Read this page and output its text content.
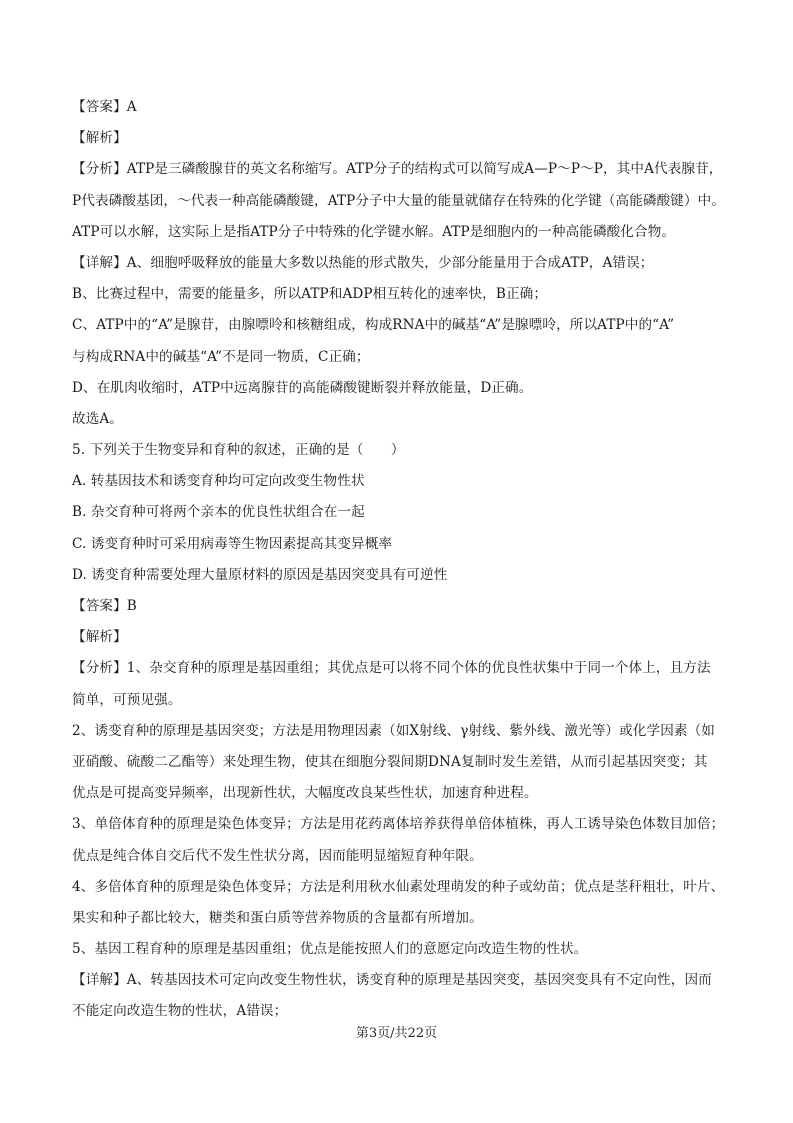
【答案】A
【解析】
【分析】ATP是三磷酸腺苷的英文名称缩写。ATP分子的结构式可以简写成A—P～P～P，其中A代表腺苷，
P代表磷酸基团，～代表一种高能磷酸键，ATP分子中大量的能量就储存在特殊的化学键（高能磷酸键）中。
ATP可以水解，这实际上是指ATP分子中特殊的化学键水解。ATP是细胞内的一种高能磷酸化合物。
【详解】A、细胞呼吸释放的能量大多数以热能的形式散失，少部分能量用于合成ATP，A错误；
B、比赛过程中，需要的能量多，所以ATP和ADP相互转化的速率快，B正确；
C、ATP中的“A”是腺苷，由腺嘌呤和核糖组成，构成RNA中的碱基“A”是腺嘌呤，所以ATP中的“A”
与构成RNA中的碱基“A”不是同一物质，C正确；
D、在肌肉收缩时，ATP中远离腺苷的高能磷酸键断裂并释放能量，D正确。
故选A。
5. 下列关于生物变异和育种的叙述，正确的是（　　）
A. 转基因技术和诱变育种均可定向改变生物性状
B. 杂交育种可将两个亲本的优良性状组合在一起
C. 诱变育种时可采用病毒等生物因素提高其变异概率
D. 诱变育种需要处理大量原材料的原因是基因突变具有可逆性
【答案】B
【解析】
【分析】1、杂交育种的原理是基因重组；其优点是可以将不同个体的优良性状集中于同一个体上，且方法
简单，可预见强。
2、诱变育种的原理是基因突变；方法是用物理因素（如X射线、γ射线、紫外线、激光等）或化学因素（如
亚硝酸、硫酸二乙酯等）来处理生物，使其在细胞分裂间期DNA复制时发生差错，从而引起基因突变；其
优点是可提高变异频率，出现新性状，大幅度改良某些性状，加速育种进程。
3、单倍体育种的原理是染色体变异；方法是用花药离体培养获得单倍体植株，再人工诱导染色体数目加倍；
优点是纯合体自交后代不发生性状分离，因而能明显缩短育种年限。
4、多倍体育种的原理是染色体变异；方法是利用秋水仙素处理萌发的种子或幼苗；优点是茎秆粗壮，叶片、
果实和种子都比较大，糖类和蛋白质等营养物质的含量都有所增加。
5、基因工程育种的原理是基因重组；优点是能按照人们的意愿定向改造生物的性状。
【详解】A、转基因技术可定向改变生物性状，诱变育种的原理是基因突变，基因突变具有不定向性，因而
不能定向改造生物的性状，A错误；
第3页/共22页
